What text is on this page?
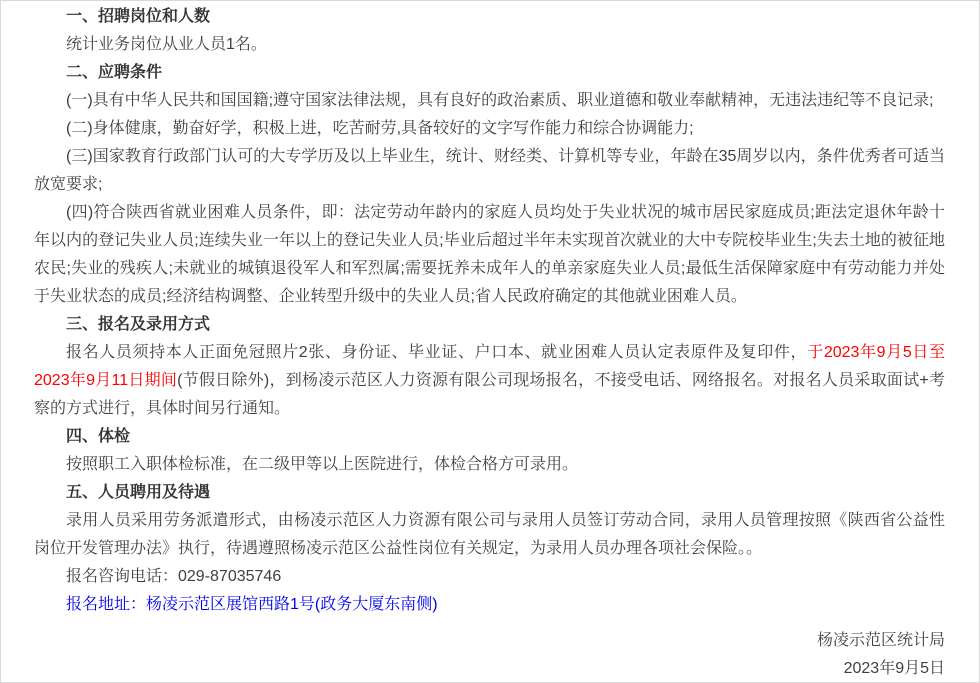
一、招聘岗位和人数

统计业务岗位从业人员1名。

二、应聘条件

(一)具有中华人民共和国国籍;遵守国家法律法规，具有良好的政治素质、职业道德和敬业奉献精神，无违法违纪等不良记录;

(二)身体健康，勤奋好学，积极上进，吃苦耐劳,具备较好的文字写作能力和综合协调能力;

(三)国家教育行政部门认可的大专学历及以上毕业生，统计、财经类、计算机等专业，年龄在35周岁以内，条件优秀者可适当放宽要求;

(四)符合陕西省就业困难人员条件，即：法定劳动年龄内的家庭人员均处于失业状况的城市居民家庭成员;距法定退休年龄十年以内的登记失业人员;连续失业一年以上的登记失业人员;毕业后超过半年未实现首次就业的大中专院校毕业生;失去土地的被征地农民;失业的残疾人;未就业的城镇退役军人和军烈属;需要抚养未成年人的单亲家庭失业人员;最低生活保障家庭中有劳动能力并处于失业状态的成员;经济结构调整、企业转型升级中的失业人员;省人民政府确定的其他就业困难人员。

三、报名及录用方式

报名人员须持本人正面免冠照片2张、身份证、毕业证、户口本、就业困难人员认定表原件及复印件，于2023年9月5日至2023年9月11日期间(节假日除外)，到杨凌示范区人力资源有限公司现场报名，不接受电话、网络报名。对报名人员采取面试+考察的方式进行，具体时间另行通知。

四、体检

按照职工入职体检标准，在二级甲等以上医院进行，体检合格方可录用。

五、人员聘用及待遇

录用人员采用劳务派遣形式，由杨凌示范区人力资源有限公司与录用人员签订劳动合同，录用人员管理按照《陕西省公益性岗位开发管理办法》执行，待遇遵照杨凌示范区公益性岗位有关规定，为录用人员办理各项社会保险。。

报名咨询电话：029-87035746

报名地址：杨凌示范区展馆西路1号(政务大厦东南侧)

杨凌示范区统计局

2023年9月5日
